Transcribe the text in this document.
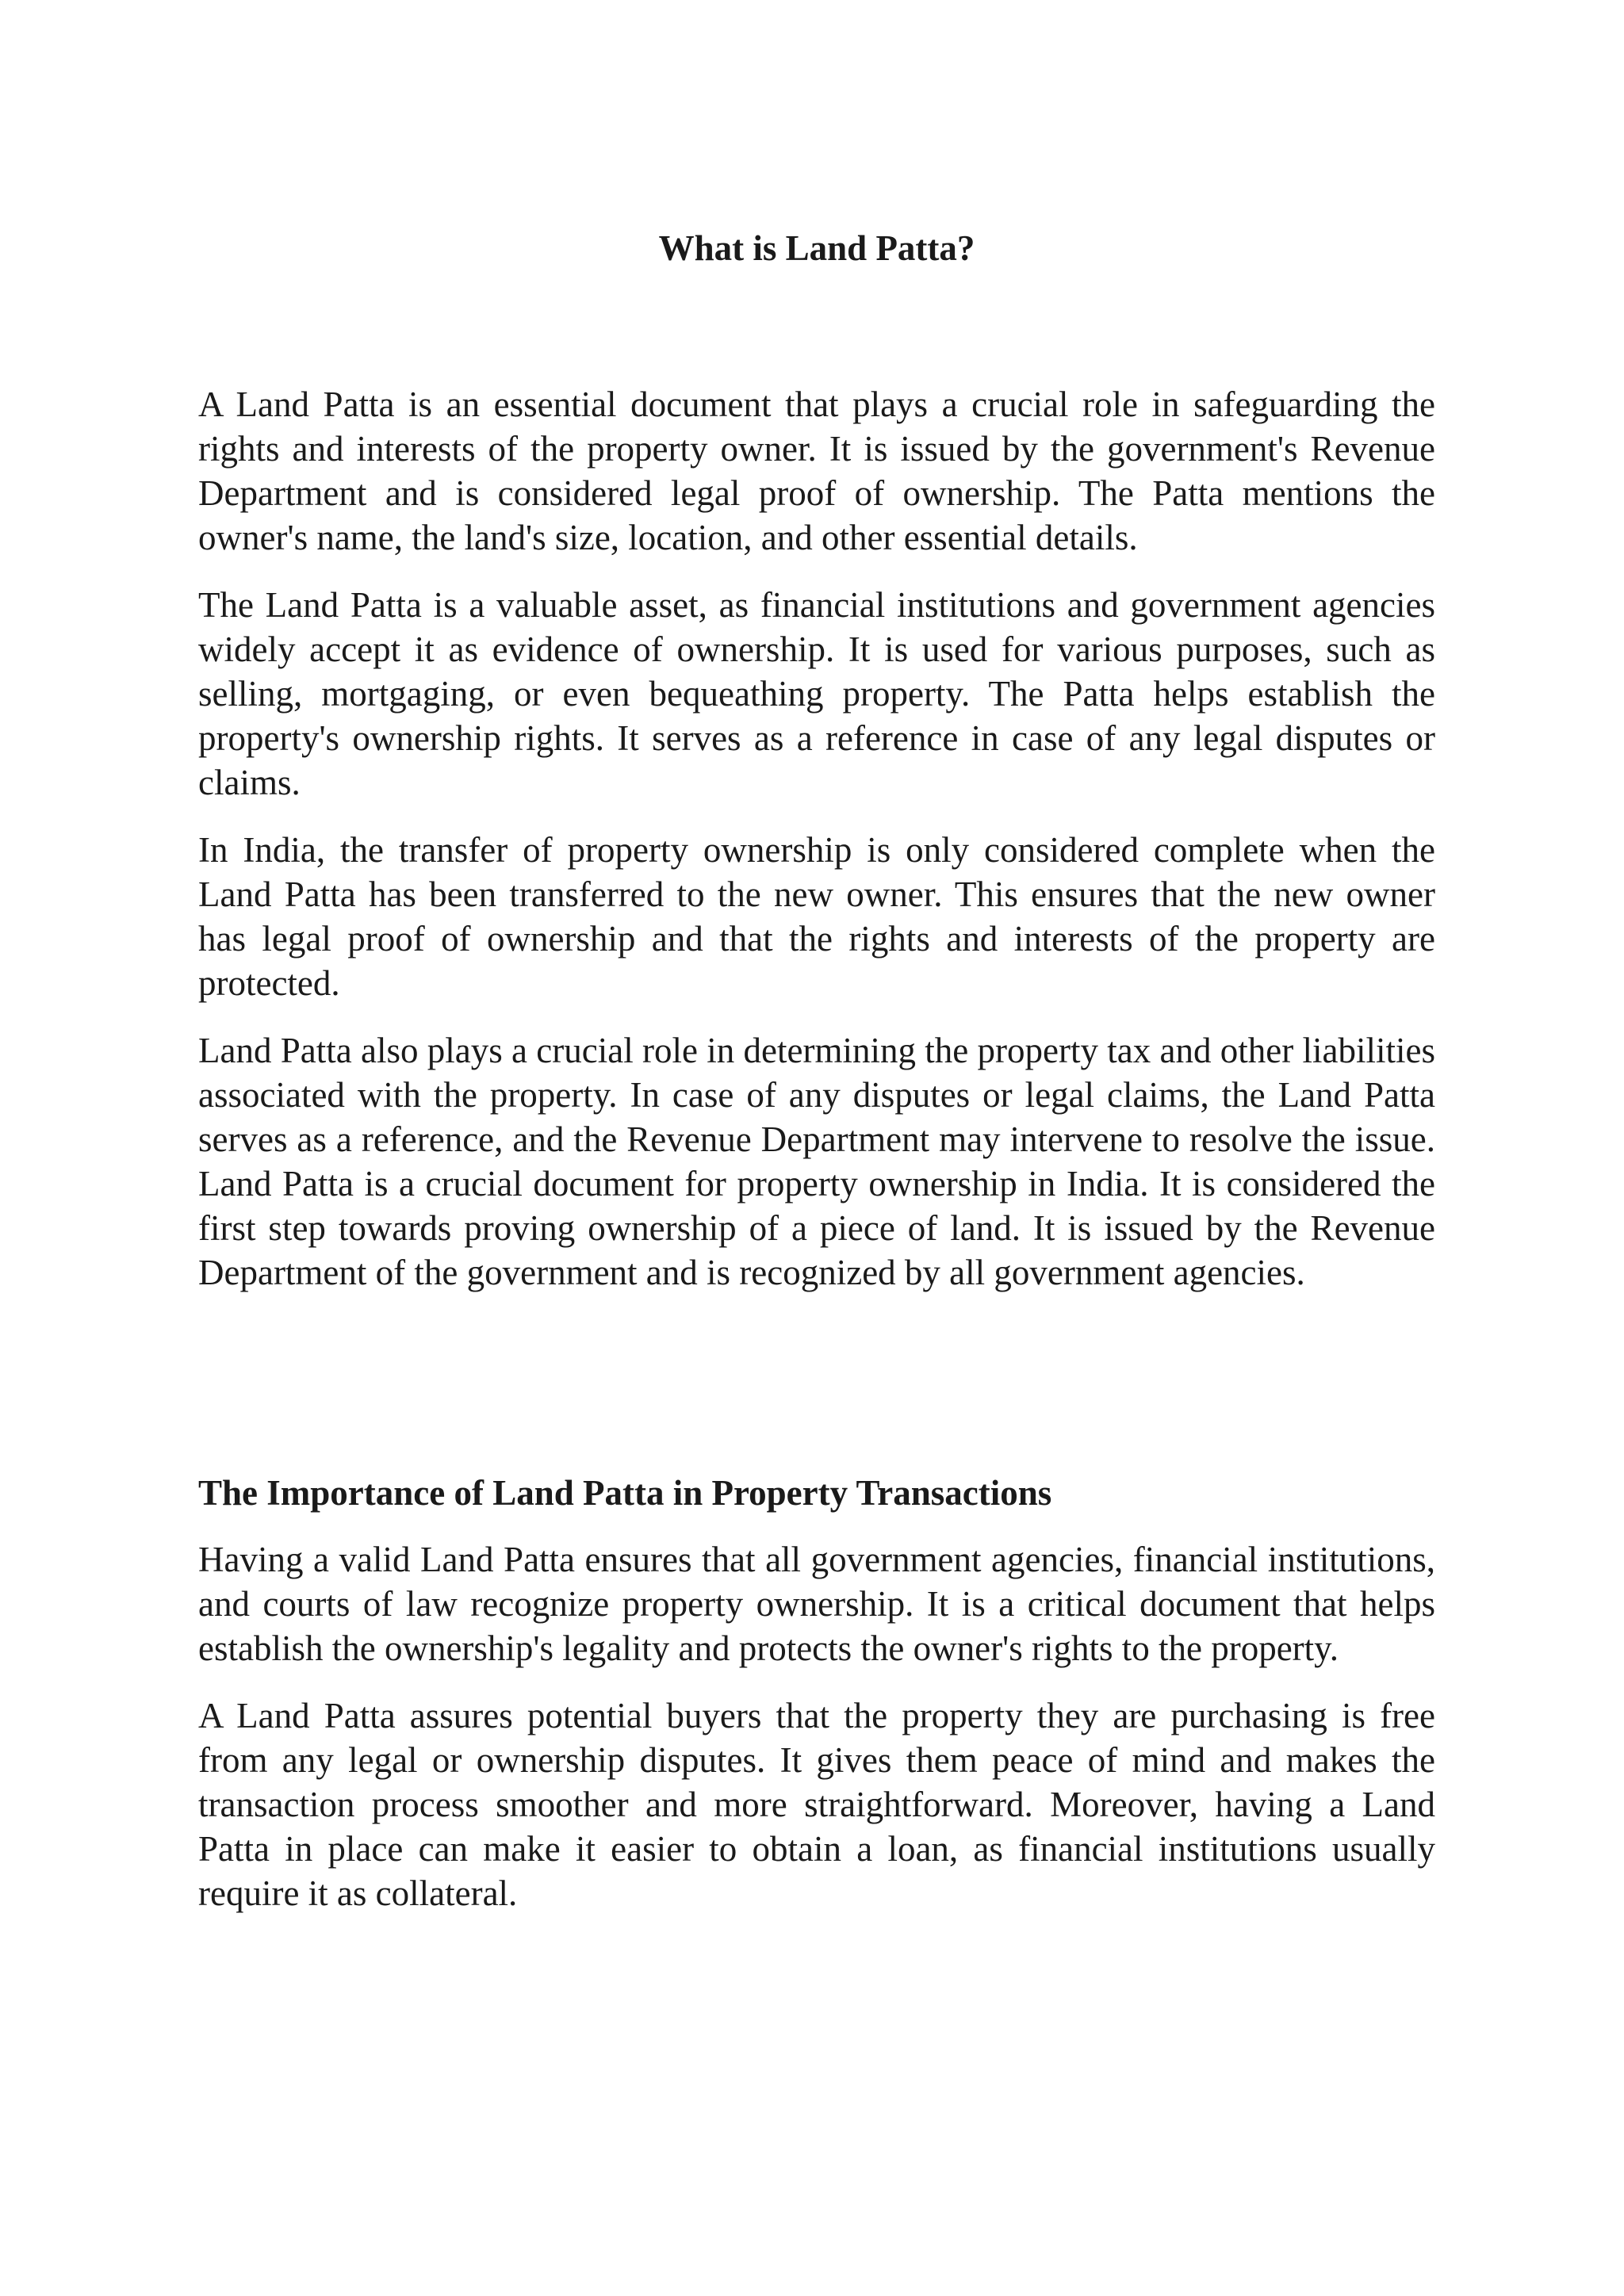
What is Land Patta?

A Land Patta is an essential document that plays a crucial role in safeguarding the rights and interests of the property owner. It is issued by the government's Revenue Department and is considered legal proof of ownership. The Patta mentions the owner's name, the land's size, location, and other essential details.

The Land Patta is a valuable asset, as financial institutions and government agencies widely accept it as evidence of ownership. It is used for various purposes, such as selling, mortgaging, or even bequeathing property. The Patta helps establish the property's ownership rights. It serves as a reference in case of any legal disputes or claims.

In India, the transfer of property ownership is only considered complete when the Land Patta has been transferred to the new owner. This ensures that the new owner has legal proof of ownership and that the rights and interests of the property are protected.

Land Patta also plays a crucial role in determining the property tax and other liabilities associated with the property. In case of any disputes or legal claims, the Land Patta serves as a reference, and the Revenue Department may intervene to resolve the issue. Land Patta is a crucial document for property ownership in India. It is considered the first step towards proving ownership of a piece of land. It is issued by the Revenue Department of the government and is recognized by all government agencies.

The Importance of Land Patta in Property Transactions

Having a valid Land Patta ensures that all government agencies, financial institutions, and courts of law recognize property ownership. It is a critical document that helps establish the ownership's legality and protects the owner's rights to the property.

A Land Patta assures potential buyers that the property they are purchasing is free from any legal or ownership disputes. It gives them peace of mind and makes the transaction process smoother and more straightforward. Moreover, having a Land Patta in place can make it easier to obtain a loan, as financial institutions usually require it as collateral.
